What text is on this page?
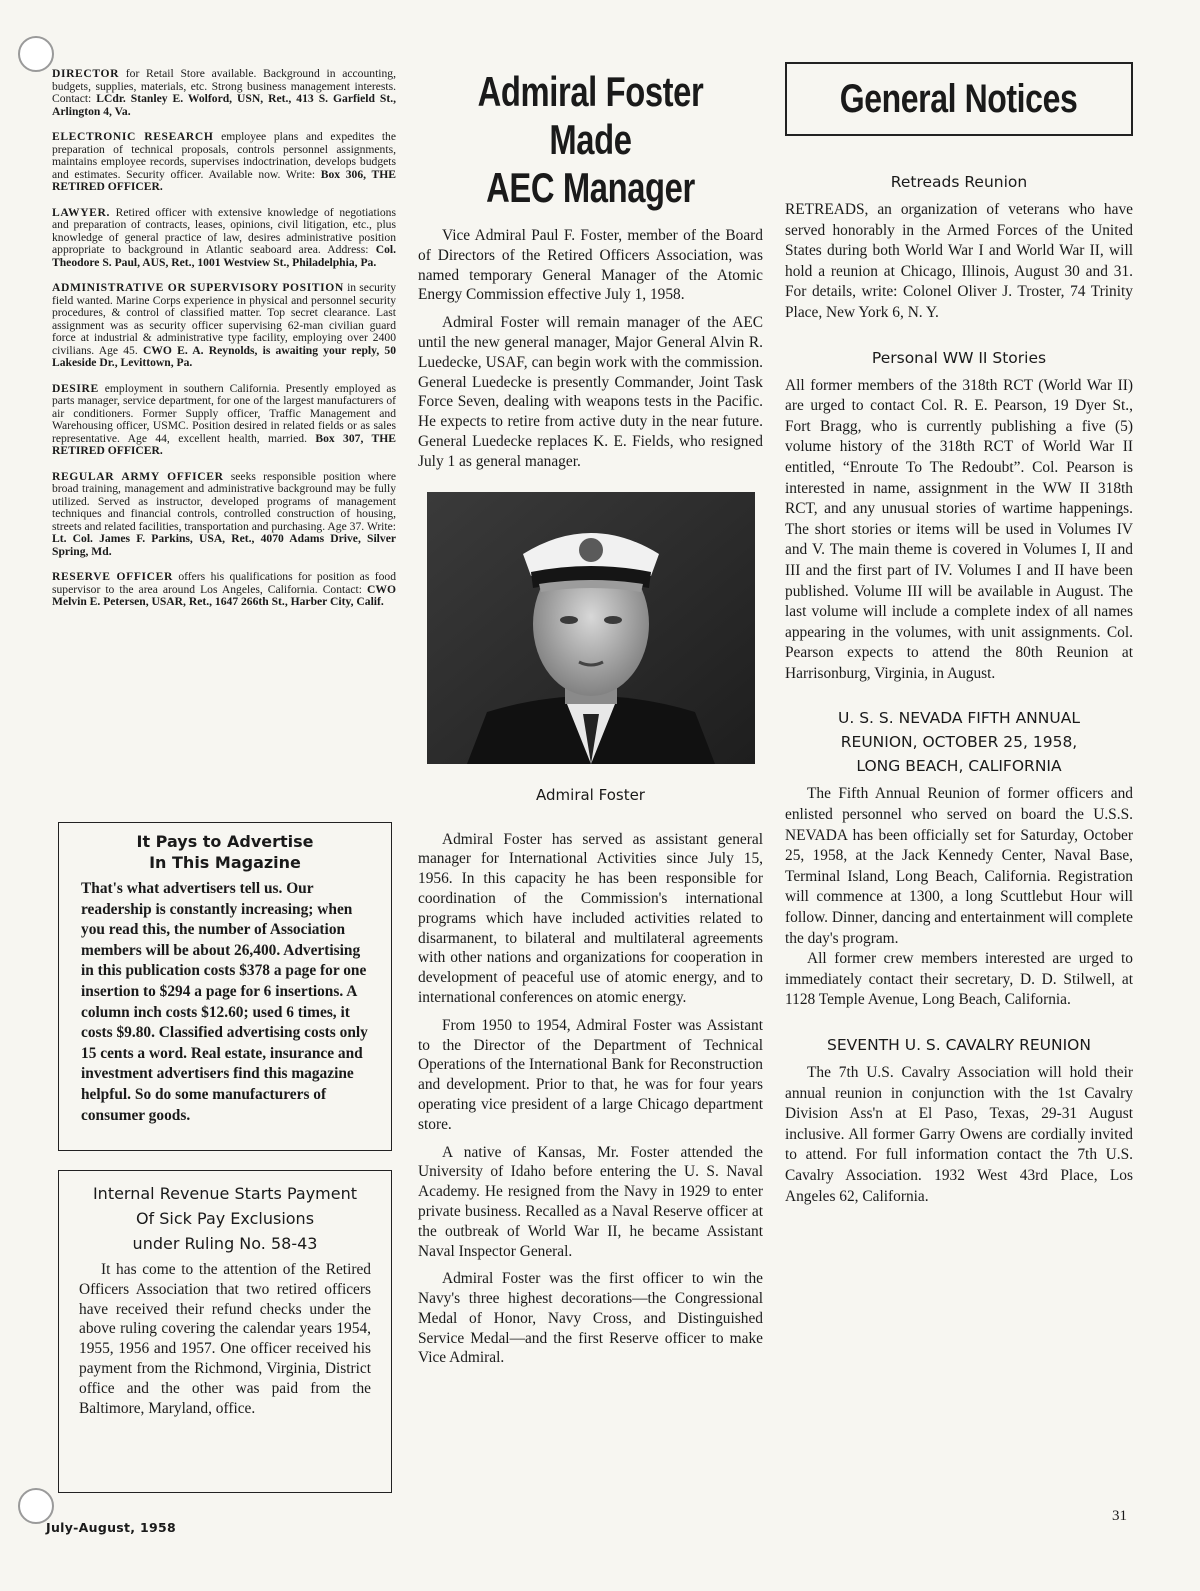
DIRECTOR for Retail Store available. Background in accounting, budgets, supplies, materials, etc. Strong business management interests. Contact: LCdr. Stanley E. Wolford, USN, Ret., 413 S. Garfield St., Arlington 4, Va.

ELECTRONIC RESEARCH employee plans and expedites the preparation of technical proposals, controls personnel assignments, maintains employee records, supervises indoctrination, develops budgets and estimates. Security officer. Available now. Write: Box 306, THE RETIRED OFFICER.

LAWYER. Retired officer with extensive knowledge of negotiations and preparation of contracts, leases, opinions, civil litigation, etc., plus knowledge of general practice of law, desires administrative position appropriate to background in Atlantic seaboard area. Address: Col. Theodore S. Paul, AUS, Ret., 1001 Westview St., Philadelphia, Pa.

ADMINISTRATIVE OR SUPERVISORY POSITION in security field wanted. Marine Corps experience in physical and personnel security procedures, & control of classified matter. Top secret clearance. Last assignment was as security officer supervising 62-man civilian guard force at industrial & administrative type facility, employing over 2400 civilians. Age 45. CWO E. A. Reynolds, is awaiting your reply, 50 Lakeside Dr., Levittown, Pa.

DESIRE employment in southern California. Presently employed as parts manager, service department, for one of the largest manufacturers of air conditioners. Former Supply officer, Traffic Management and Warehousing officer, USMC. Position desired in related fields or as sales representative. Age 44, excellent health, married. Box 307, THE RETIRED OFFICER.

REGULAR ARMY OFFICER seeks responsible position where broad training, management and administrative background may be fully utilized. Served as instructor, developed programs of management techniques and financial controls, controlled construction of housing, streets and related facilities, transportation and purchasing. Age 37. Write: Lt. Col. James F. Parkins, USA, Ret., 4070 Adams Drive, Silver Spring, Md.

RESERVE OFFICER offers his qualifications for position as food supervisor to the area around Los Angeles, California. Contact: CWO Melvin E. Petersen, USAR, Ret., 1647 266th St., Harber City, Calif.

It Pays to Advertise
In This Magazine

That's what advertisers tell us. Our readership is constantly increasing; when you read this, the number of Association members will be about 26,400. Advertising in this publication costs $378 a page for one insertion to $294 a page for 6 insertions. A column inch costs $12.60; used 6 times, it costs $9.80. Classified advertising costs only 15 cents a word. Real estate, insurance and investment advertisers find this magazine helpful. So do some manufacturers of consumer goods.

Internal Revenue Starts Payment
Of Sick Pay Exclusions
under Ruling No. 58-43

It has come to the attention of the Retired Officers Association that two retired officers have received their refund checks under the above ruling covering the calendar years 1954, 1955, 1956 and 1957. One officer received his payment from the Richmond, Virginia, District office and the other was paid from the Baltimore, Maryland, office.

Admiral Foster Made
AEC Manager

Vice Admiral Paul F. Foster, member of the Board of Directors of the Retired Officers Association, was named temporary General Manager of the Atomic Energy Commission effective July 1, 1958.

Admiral Foster will remain manager of the AEC until the new general manager, Major General Alvin R. Luedecke, USAF, can begin work with the commission. General Luedecke is presently Commander, Joint Task Force Seven, dealing with weapons tests in the Pacific. He expects to retire from active duty in the near future. General Luedecke replaces K. E. Fields, who resigned July 1 as general manager.

Admiral Foster

Admiral Foster has served as assistant general manager for International Activities since July 15, 1956. In this capacity he has been responsible for coordination of the Commission's international programs which have included activities related to disarmanent, to bilateral and multilateral agreements with other nations and organizations for cooperation in development of peaceful use of atomic energy, and to international conferences on atomic energy.

From 1950 to 1954, Admiral Foster was Assistant to the Director of the Department of Technical Operations of the International Bank for Reconstruction and development. Prior to that, he was for four years operating vice president of a large Chicago department store.

A native of Kansas, Mr. Foster attended the University of Idaho before entering the U. S. Naval Academy. He resigned from the Navy in 1929 to enter private business. Recalled as a Naval Reserve officer at the outbreak of World War II, he became Assistant Naval Inspector General.

Admiral Foster was the first officer to win the Navy's three highest decorations—the Congressional Medal of Honor, Navy Cross, and Distinguished Service Medal—and the first Reserve officer to make Vice Admiral.

General Notices
Retreads Reunion

RETREADS, an organization of veterans who have served honorably in the Armed Forces of the United States during both World War I and World War II, will hold a reunion at Chicago, Illinois, August 30 and 31. For details, write: Colonel Oliver J. Troster, 74 Trinity Place, New York 6, N. Y.

Personal WW II Stories

All former members of the 318th RCT (World War II) are urged to contact Col. R. E. Pearson, 19 Dyer St., Fort Bragg, who is currently publishing a five (5) volume history of the 318th RCT of World War II entitled, “Enroute To The Redoubt”. Col. Pearson is interested in name, assignment in the WW II 318th RCT, and any unusual stories of wartime happenings. The short stories or items will be used in Volumes IV and V. The main theme is covered in Volumes I, II and III and the first part of IV. Volumes I and II have been published. Volume III will be available in August. The last volume will include a complete index of all names appearing in the volumes, with unit assignments. Col. Pearson expects to attend the 80th Reunion at Harrisonburg, Virginia, in August.

U. S. S. NEVADA FIFTH ANNUAL
REUNION, OCTOBER 25, 1958,
LONG BEACH, CALIFORNIA

The Fifth Annual Reunion of former officers and enlisted personnel who served on board the U.S.S. NEVADA has been officially set for Saturday, October 25, 1958, at the Jack Kennedy Center, Naval Base, Terminal Island, Long Beach, California. Registration will commence at 1300, a long Scuttlebut Hour will follow. Dinner, dancing and entertainment will complete the day's program.

All former crew members interested are urged to immediately contact their secretary, D. D. Stilwell, at 1128 Temple Avenue, Long Beach, California.

SEVENTH U. S. CAVALRY REUNION

The 7th U.S. Cavalry Association will hold their annual reunion in conjunction with the 1st Cavalry Division Ass'n at El Paso, Texas, 29-31 August inclusive. All former Garry Owens are cordially invited to attend. For full information contact the 7th U.S. Cavalry Association. 1932 West 43rd Place, Los Angeles 62, California.

July-August, 1958
31
